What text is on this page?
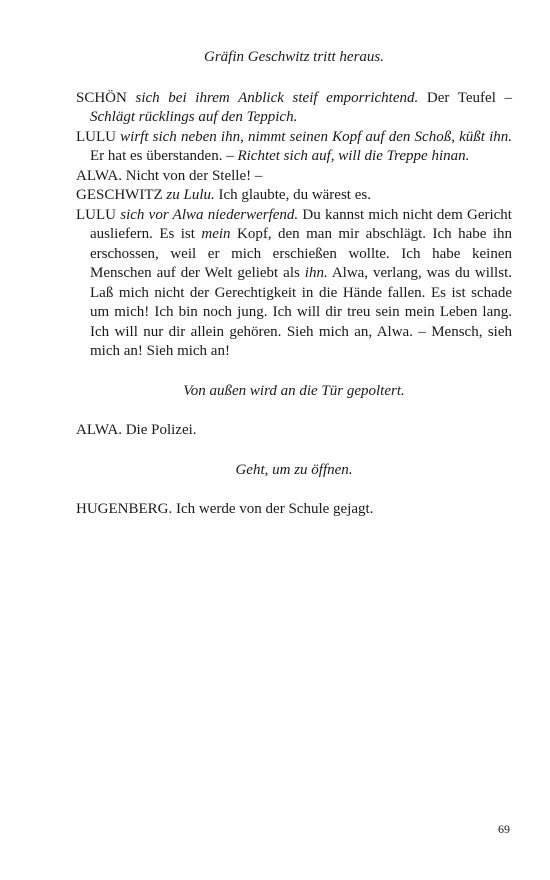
Gräfin Geschwitz tritt heraus.
SCHÖN sich bei ihrem Anblick steif emporrichtend. Der Teufel – Schlägt rücklings auf den Teppich.
LULU wirft sich neben ihn, nimmt seinen Kopf auf den Schoß, küßt ihn. Er hat es überstanden. – Richtet sich auf, will die Treppe hinan.
ALWA. Nicht von der Stelle! –
GESCHWITZ zu Lulu. Ich glaubte, du wärest es.
LULU sich vor Alwa niederwerfend. Du kannst mich nicht dem Gericht ausliefern. Es ist mein Kopf, den man mir abschlägt. Ich habe ihn erschossen, weil er mich erschießen wollte. Ich habe keinen Menschen auf der Welt geliebt als ihn. Alwa, verlang, was du willst. Laß mich nicht der Gerechtigkeit in die Hände fallen. Es ist schade um mich! Ich bin noch jung. Ich will dir treu sein mein Leben lang. Ich will nur dir allein gehören. Sieh mich an, Alwa. – Mensch, sieh mich an! Sieh mich an!
Von außen wird an die Tür gepoltert.
ALWA. Die Polizei.
Geht, um zu öffnen.
HUGENBERG. Ich werde von der Schule gejagt.
69
